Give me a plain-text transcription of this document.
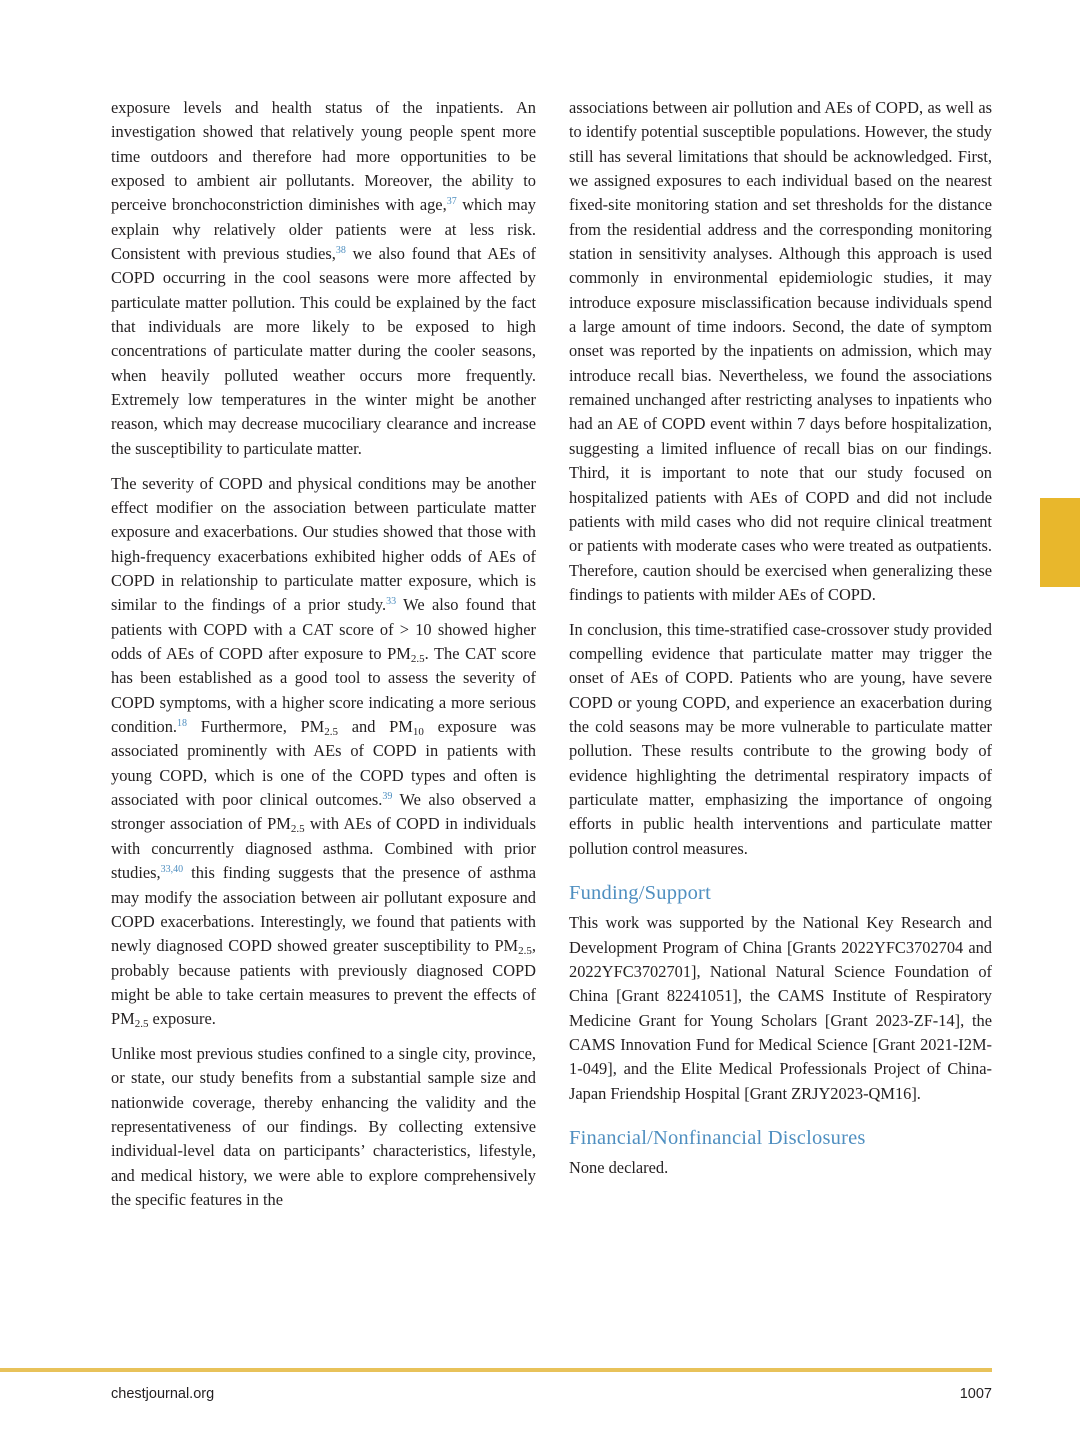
exposure levels and health status of the inpatients. An investigation showed that relatively young people spent more time outdoors and therefore had more opportunities to be exposed to ambient air pollutants. Moreover, the ability to perceive bronchoconstriction diminishes with age,$^{37}$ which may explain why relatively older patients were at less risk. Consistent with previous studies,$^{38}$ we also found that AEs of COPD occurring in the cool seasons were more affected by particulate matter pollution. This could be explained by the fact that individuals are more likely to be exposed to high concentrations of particulate matter during the cooler seasons, when heavily polluted weather occurs more frequently. Extremely low temperatures in the winter might be another reason, which may decrease mucociliary clearance and increase the susceptibility to particulate matter.

The severity of COPD and physical conditions may be another effect modifier on the association between particulate matter exposure and exacerbations. Our studies showed that those with high-frequency exacerbations exhibited higher odds of AEs of COPD in relationship to particulate matter exposure, which is similar to the findings of a prior study.$^{33}$ We also found that patients with COPD with a CAT score of > 10 showed higher odds of AEs of COPD after exposure to $PM_{2.5}$. The CAT score has been established as a good tool to assess the severity of COPD symptoms, with a higher score indicating a more serious condition.$^{18}$ Furthermore, $PM_{2.5}$ and $PM_{10}$ exposure was associated prominently with AEs of COPD in patients with young COPD, which is one of the COPD types and often is associated with poor clinical outcomes.$^{39}$ We also observed a stronger association of $PM_{2.5}$ with AEs of COPD in individuals with concurrently diagnosed asthma. Combined with prior studies,$^{33,40}$ this finding suggests that the presence of asthma may modify the association between air pollutant exposure and COPD exacerbations. Interestingly, we found that patients with newly diagnosed COPD showed greater susceptibility to $PM_{2.5}$, probably because patients with previously diagnosed COPD might be able to take certain measures to prevent the effects of $PM_{2.5}$ exposure.

Unlike most previous studies confined to a single city, province, or state, our study benefits from a substantial sample size and nationwide coverage, thereby enhancing the validity and the representativeness of our findings. By collecting extensive individual-level data on participants’ characteristics, lifestyle, and medical history, we were able to explore comprehensively the specific features in the

associations between air pollution and AEs of COPD, as well as to identify potential susceptible populations. However, the study still has several limitations that should be acknowledged. First, we assigned exposures to each individual based on the nearest fixed-site monitoring station and set thresholds for the distance from the residential address and the corresponding monitoring station in sensitivity analyses. Although this approach is used commonly in environmental epidemiologic studies, it may introduce exposure misclassification because individuals spend a large amount of time indoors. Second, the date of symptom onset was reported by the inpatients on admission, which may introduce recall bias. Nevertheless, we found the associations remained unchanged after restricting analyses to inpatients who had an AE of COPD event within 7 days before hospitalization, suggesting a limited influence of recall bias on our findings. Third, it is important to note that our study focused on hospitalized patients with AEs of COPD and did not include patients with mild cases who did not require clinical treatment or patients with moderate cases who were treated as outpatients. Therefore, caution should be exercised when generalizing these findings to patients with milder AEs of COPD.

In conclusion, this time-stratified case-crossover study provided compelling evidence that particulate matter may trigger the onset of AEs of COPD. Patients who are young, have severe COPD or young COPD, and experience an exacerbation during the cold seasons may be more vulnerable to particulate matter pollution. These results contribute to the growing body of evidence highlighting the detrimental respiratory impacts of particulate matter, emphasizing the importance of ongoing efforts in public health interventions and particulate matter pollution control measures.

Funding/Support

This work was supported by the National Key Research and Development Program of China [Grants 2022YFC3702704 and 2022YFC3702701], National Natural Science Foundation of China [Grant 82241051], the CAMS Institute of Respiratory Medicine Grant for Young Scholars [Grant 2023-ZF-14], the CAMS Innovation Fund for Medical Science [Grant 2021-I2M-1-049], and the Elite Medical Professionals Project of China-Japan Friendship Hospital [Grant ZRJY2023-QM16].

Financial/Nonfinancial Disclosures

None declared.

chestjournal.org	1007
